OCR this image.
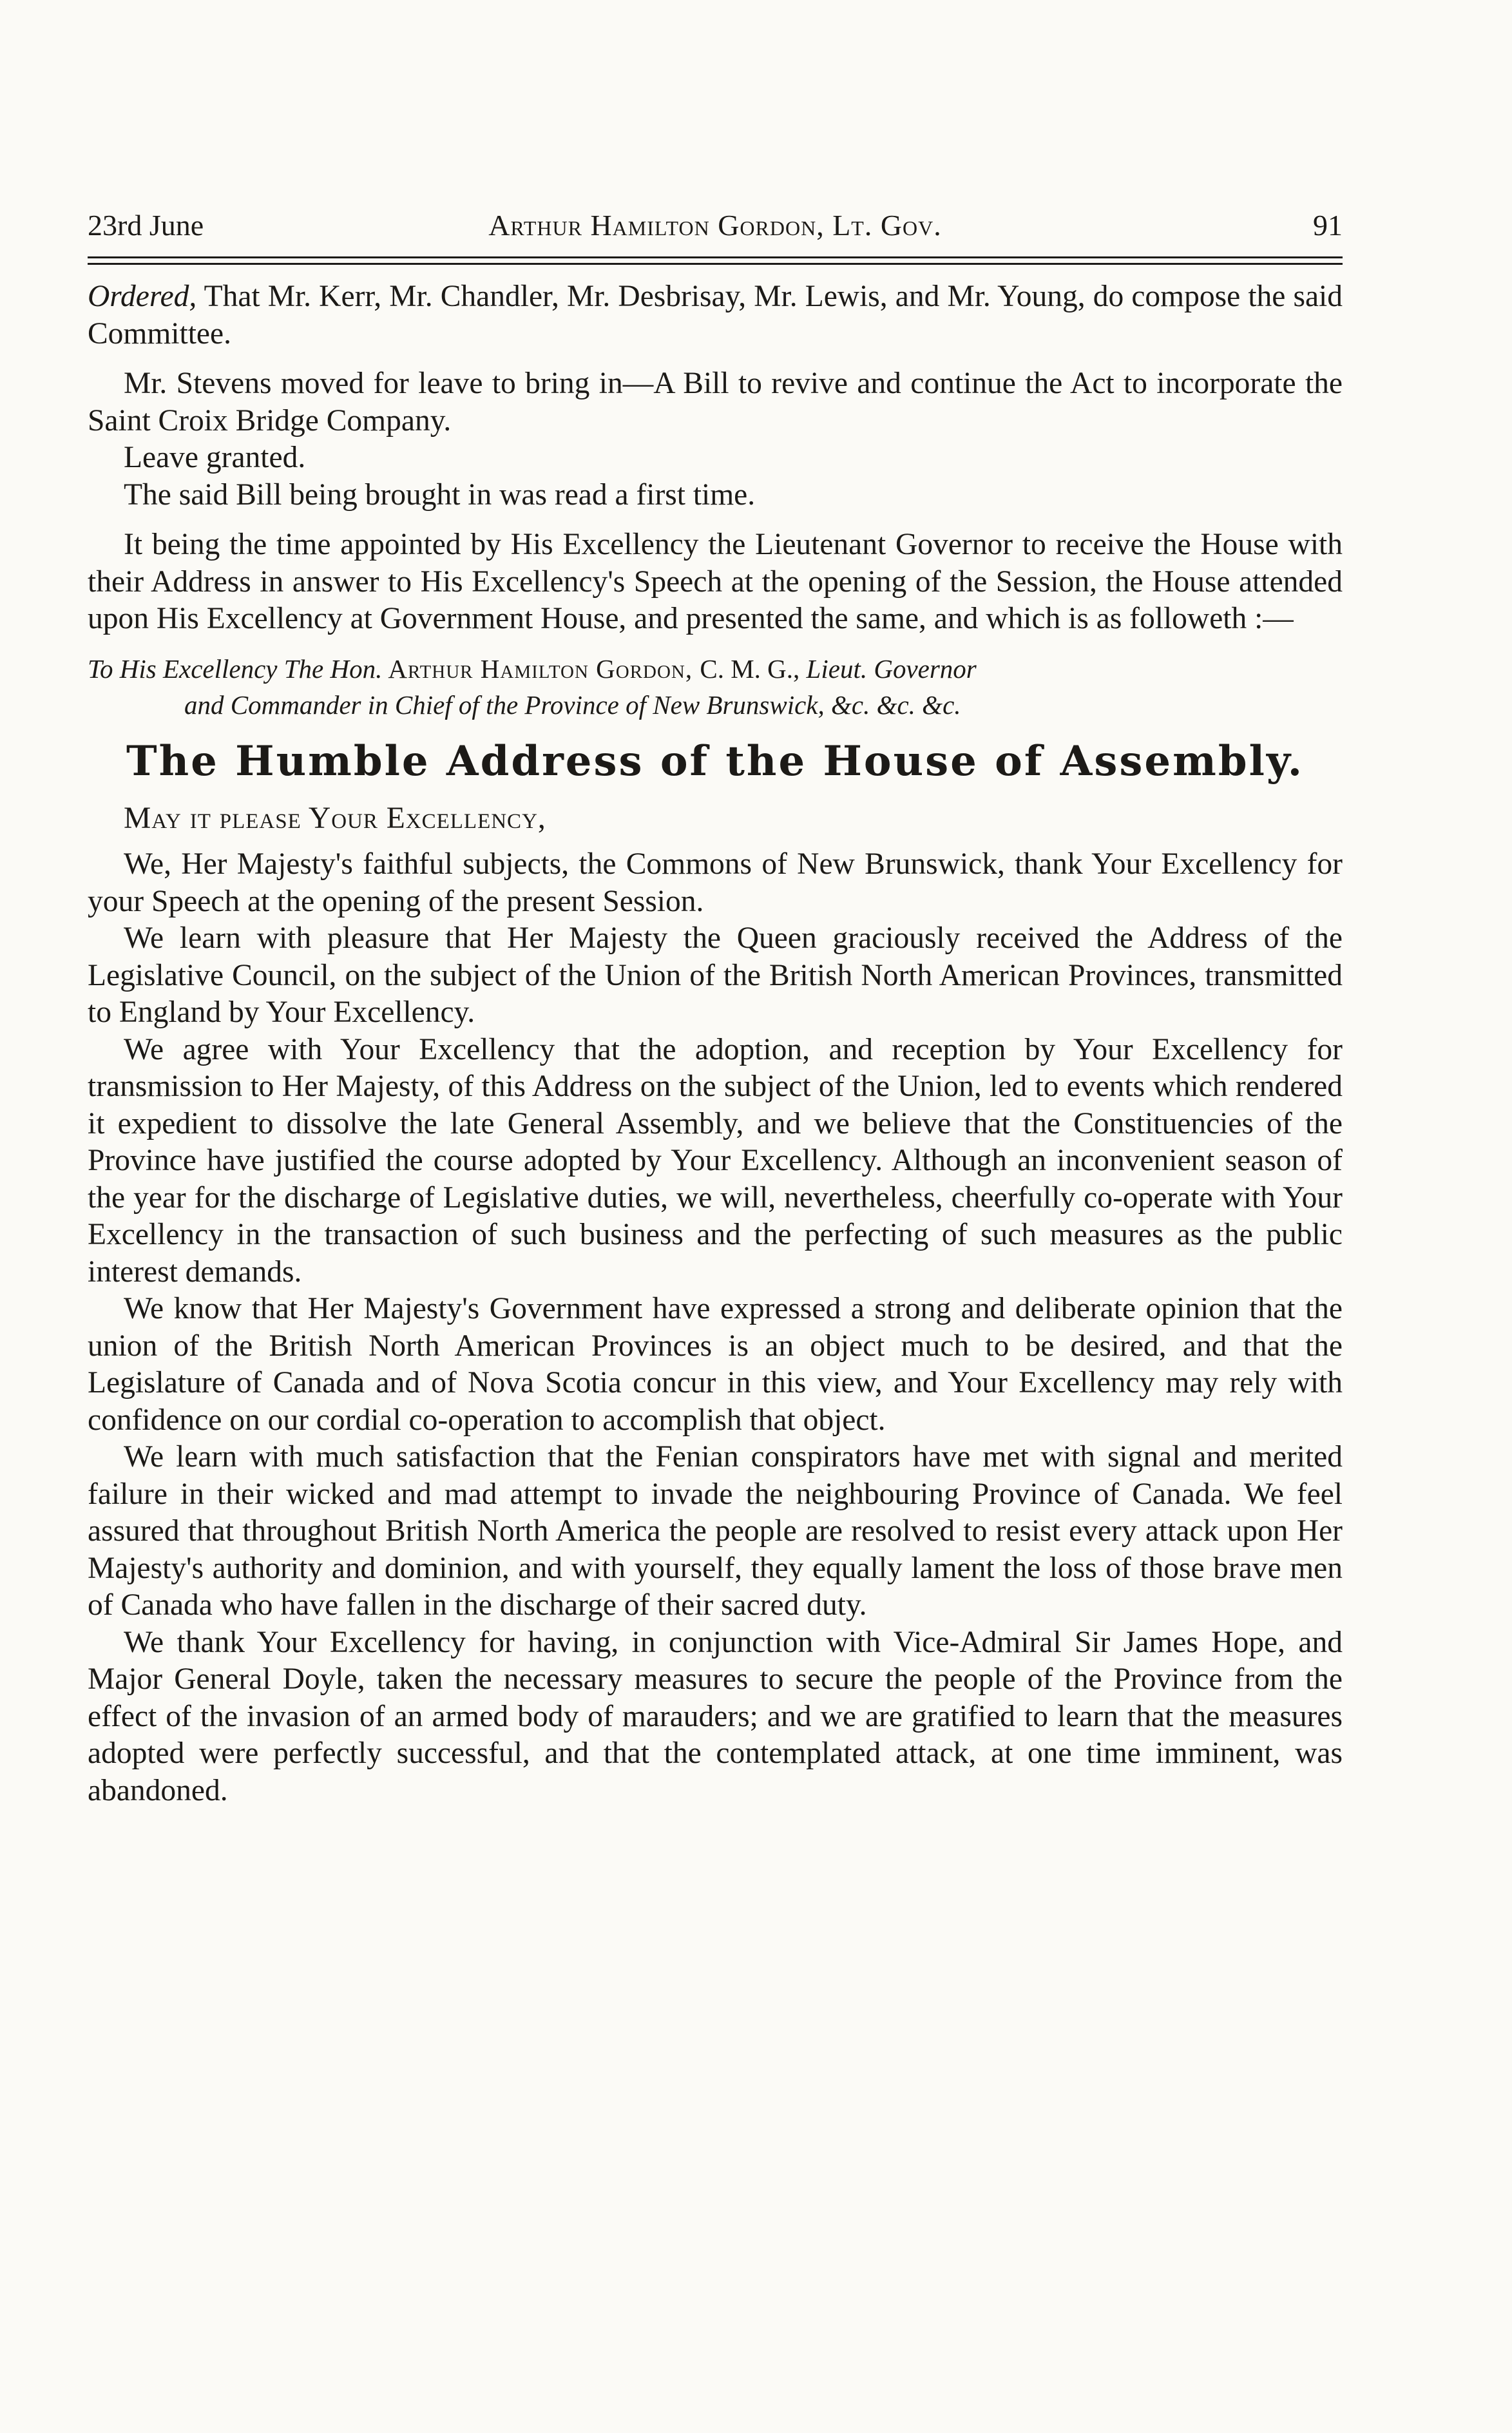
23rd June	Arthur Hamilton Gordon, Lt. Gov.	91

Ordered, That Mr. Kerr, Mr. Chandler, Mr. Desbrisay, Mr. Lewis, and Mr. Young, do compose the said Committee.

Mr. Stevens moved for leave to bring in—A Bill to revive and continue the Act to incorporate the Saint Croix Bridge Company.

Leave granted.

The said Bill being brought in was read a first time.

It being the time appointed by His Excellency the Lieutenant Governor to receive the House with their Address in answer to His Excellency's Speech at the opening of the Session, the House attended upon His Excellency at Government House, and presented the same, and which is as followeth :—

To His Excellency The Hon. Arthur Hamilton Gordon, C. M. G., Lieut. Governor
and Commander in Chief of the Province of New Brunswick, &c. &c. &c.

The Humble Address of the House of Assembly.

May it please Your Excellency,

We, Her Majesty's faithful subjects, the Commons of New Brunswick, thank Your Excellency for your Speech at the opening of the present Session.

We learn with pleasure that Her Majesty the Queen graciously received the Address of the Legislative Council, on the subject of the Union of the British North American Provinces, transmitted to England by Your Excellency.

We agree with Your Excellency that the adoption, and reception by Your Excellency for transmission to Her Majesty, of this Address on the subject of the Union, led to events which rendered it expedient to dissolve the late General Assembly, and we believe that the Constituencies of the Province have justified the course adopted by Your Excellency. Although an inconvenient season of the year for the discharge of Legislative duties, we will, nevertheless, cheerfully co-operate with Your Excellency in the transaction of such business and the perfecting of such measures as the public interest demands.

We know that Her Majesty's Government have expressed a strong and deliberate opinion that the union of the British North American Provinces is an object much to be desired, and that the Legislature of Canada and of Nova Scotia concur in this view, and Your Excellency may rely with confidence on our cordial co-operation to accomplish that object.

We learn with much satisfaction that the Fenian conspirators have met with signal and merited failure in their wicked and mad attempt to invade the neighbouring Province of Canada. We feel assured that throughout British North America the people are resolved to resist every attack upon Her Majesty's authority and dominion, and with yourself, they equally lament the loss of those brave men of Canada who have fallen in the discharge of their sacred duty.

We thank Your Excellency for having, in conjunction with Vice-Admiral Sir James Hope, and Major General Doyle, taken the necessary measures to secure the people of the Province from the effect of the invasion of an armed body of marauders; and we are gratified to learn that the measures adopted were perfectly successful, and that the contemplated attack, at one time imminent, was abandoned.
